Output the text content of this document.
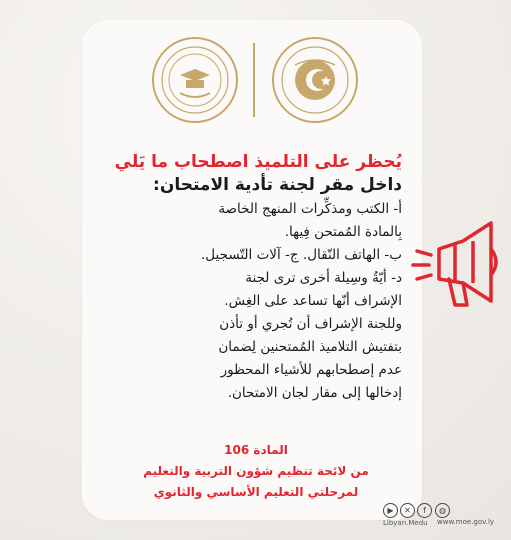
يُحظر على التلميذ اصطحاب ما يَلي
داخل مقر لجنة تأدية الامتحان:
أ- الكتب ومذكِّرات المنهج الخاصة
بِالمادة المُمتحن فِيها.
ب- الهاتف النّقال. ج- آلات التّسجيل.
د- أيّةُ وسِيلة أخرى ترى لجنة
الإشراف أنّها تساعد على الغِش.
وللجنة الإشراف أن تُجري أو تأذن
بتفتيش التلاميذ المُمتحنين لِضمان
عدم إصطحابهم للأشياء المحظور
إدخالها إلى مقار لجان الامتحان.
المادة 106
من لائحة تنظيم شؤون التربية والتعليم
لمرحلتي التعليم الأساسي والثانوي
▶	✕	f
Libyan.Medu
◍
www.moe.gov.ly
